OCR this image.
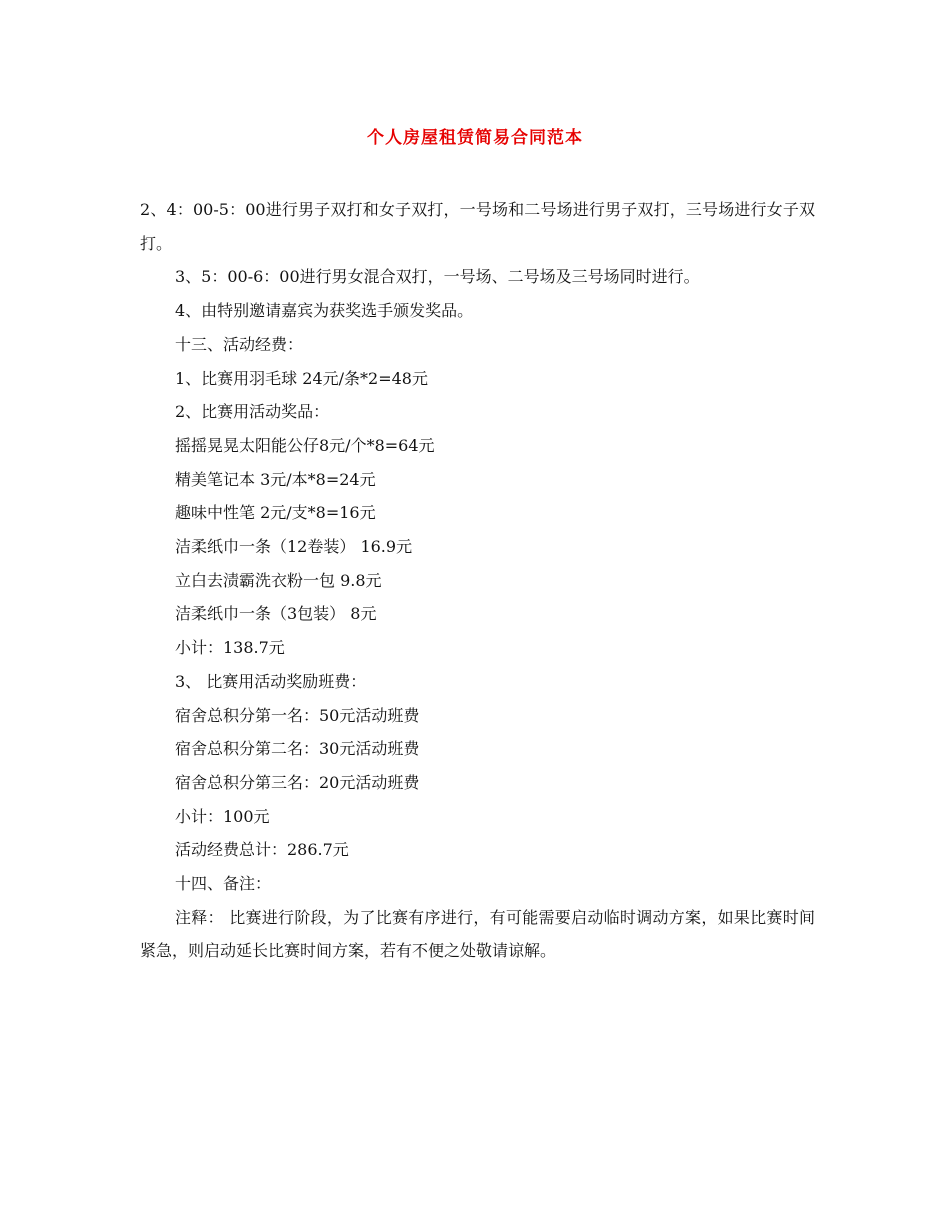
个人房屋租赁简易合同范本

2、4：00-5：00进行男子双打和女子双打，一号场和二号场进行男子双打，三号场进行女子双打。

3、5：00-6：00进行男女混合双打，一号场、二号场及三号场同时进行。

4、由特别邀请嘉宾为获奖选手颁发奖品。

十三、活动经费：

1、比赛用羽毛球 24元/条*2=48元

2、比赛用活动奖品：

摇摇晃晃太阳能公仔8元/个*8=64元

精美笔记本 3元/本*8=24元

趣味中性笔 2元/支*8=16元

洁柔纸巾一条（12卷装） 16.9元

立白去渍霸洗衣粉一包 9.8元

洁柔纸巾一条（3包装） 8元

小计：138.7元

3、 比赛用活动奖励班费：

宿舍总积分第一名：50元活动班费

宿舍总积分第二名：30元活动班费

宿舍总积分第三名：20元活动班费

小计：100元

活动经费总计：286.7元

十四、备注：

注释： 比赛进行阶段，为了比赛有序进行，有可能需要启动临时调动方案，如果比赛时间紧急，则启动延长比赛时间方案，若有不便之处敬请谅解。
